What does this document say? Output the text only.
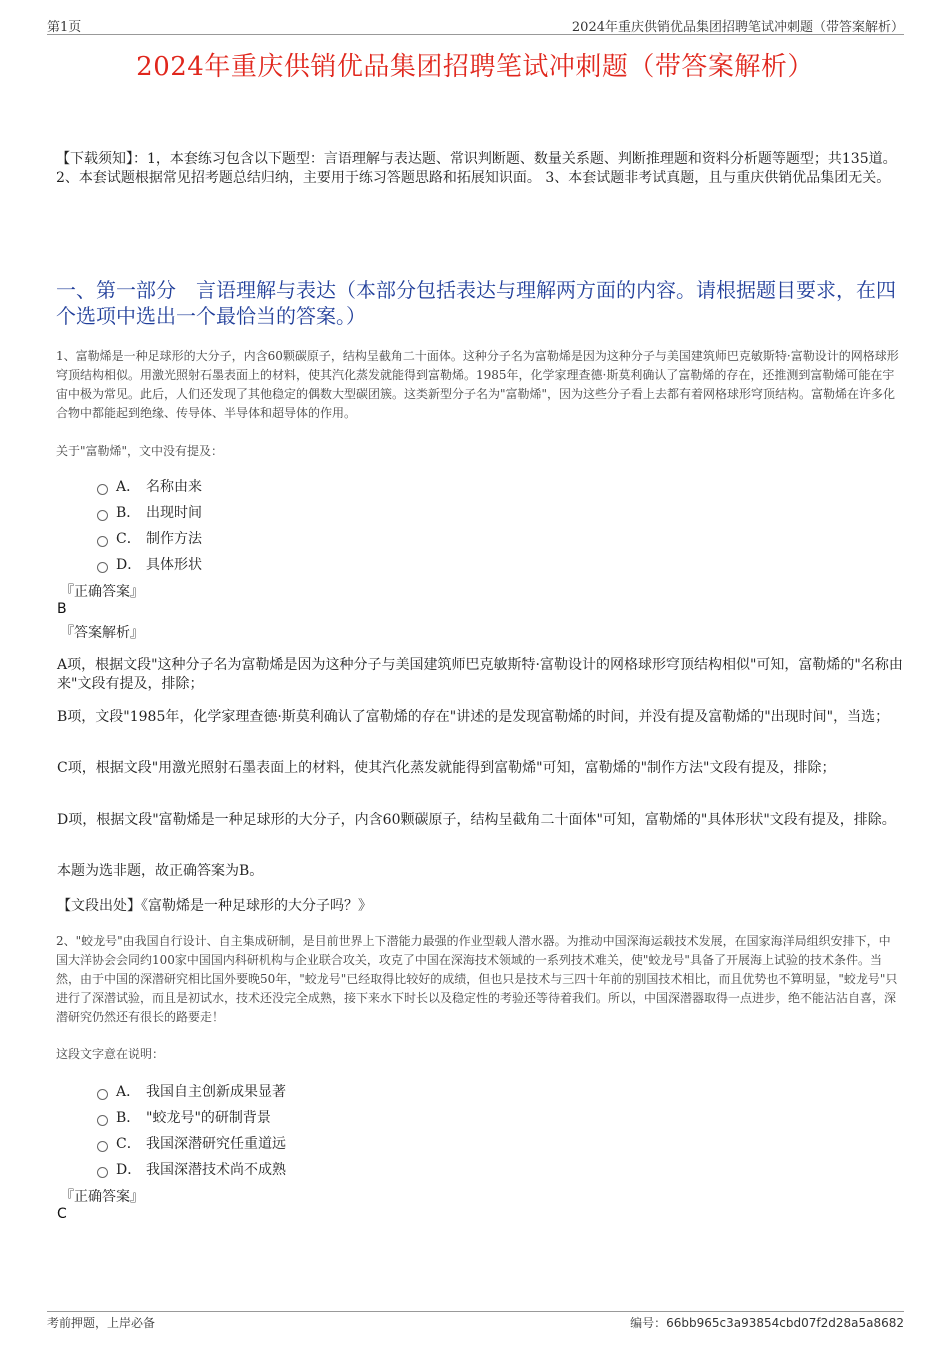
第1页	2024年重庆供销优品集团招聘笔试冲刺题（带答案解析）
2024年重庆供销优品集团招聘笔试冲刺题（带答案解析）
【下载须知】：1，本套练习包含以下题型：言语理解与表达题、常识判断题、数量关系题、判断推理题和资料分析题等题型；共135道。 2、本套试题根据常见招考题总结归纳，主要用于练习答题思路和拓展知识面。 3、本套试题非考试真题，且与重庆供销优品集团无关。
一、第一部分　言语理解与表达（本部分包括表达与理解两方面的内容。请根据题目要求，在四个选项中选出一个最恰当的答案。）
1、富勒烯是一种足球形的大分子，内含60颗碳原子，结构呈截角二十面体。这种分子名为富勒烯是因为这种分子与美国建筑师巴克敏斯特·富勒设计的网格球形穹顶结构相似。用激光照射石墨表面上的材料，使其汽化蒸发就能得到富勒烯。1985年，化学家理查德·斯莫利确认了富勒烯的存在，还推测到富勒烯可能在宇宙中极为常见。此后，人们还发现了其他稳定的偶数大型碳团簇。这类新型分子名为"富勒烯"，因为这些分子看上去都有着网格球形穹顶结构。富勒烯在许多化合物中都能起到绝缘、传导体、半导体和超导体的作用。
关于"富勒烯"，文中没有提及：
A． 名称由来
B． 出现时间
C． 制作方法
D． 具体形状
『正确答案』
B
『答案解析』
A项，根据文段"这种分子名为富勒烯是因为这种分子与美国建筑师巴克敏斯特·富勒设计的网格球形穹顶结构相似"可知，富勒烯的"名称由来"文段有提及，排除；
B项，文段"1985年，化学家理查德·斯莫利确认了富勒烯的存在"讲述的是发现富勒烯的时间，并没有提及富勒烯的"出现时间"，当选；
C项，根据文段"用激光照射石墨表面上的材料，使其汽化蒸发就能得到富勒烯"可知，富勒烯的"制作方法"文段有提及，排除；
D项，根据文段"富勒烯是一种足球形的大分子，内含60颗碳原子，结构呈截角二十面体"可知，富勒烯的"具体形状"文段有提及，排除。
本题为选非题，故正确答案为B。
【文段出处】《富勒烯是一种足球形的大分子吗？》
2、"蛟龙号"由我国自行设计、自主集成研制，是目前世界上下潜能力最强的作业型载人潜水器。为推动中国深海运载技术发展，在国家海洋局组织安排下，中国大洋协会会同约100家中国国内科研机构与企业联合攻关，攻克了中国在深海技术领域的一系列技术难关，使"蛟龙号"具备了开展海上试验的技术条件。当然，由于中国的深潜研究相比国外要晚50年，"蛟龙号"已经取得比较好的成绩，但也只是技术与三四十年前的别国技术相比，而且优势也不算明显，"蛟龙号"只进行了深潜试验，而且是初试水，技术还没完全成熟，接下来水下时长以及稳定性的考验还等待着我们。所以，中国深潜器取得一点进步，绝不能沾沾自喜，深潜研究仍然还有很长的路要走！
这段文字意在说明：
A． 我国自主创新成果显著
B． "蛟龙号"的研制背景
C． 我国深潜研究任重道远
D． 我国深潜技术尚不成熟
『正确答案』
C
考前押题，上岸必备	编号：66bb965c3a93854cbd07f2d28a5a8682
